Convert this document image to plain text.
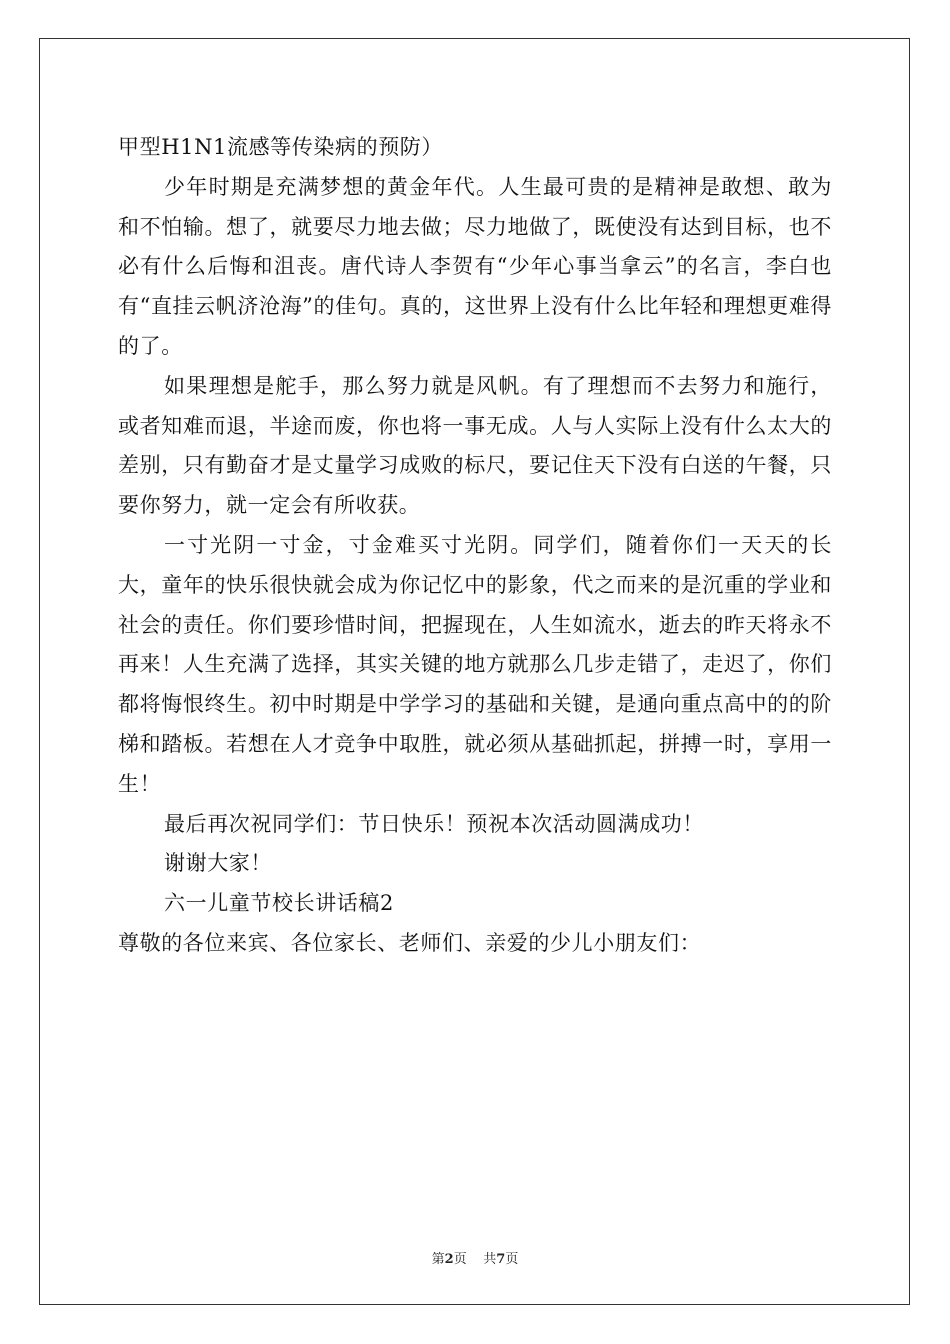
甲型H1N1流感等传染病的预防）

少年时期是充满梦想的黄金年代。人生最可贵的是精神是敢想、敢为和不怕输。想了，就要尽力地去做；尽力地做了，既使没有达到目标，也不必有什么后悔和沮丧。唐代诗人李贺有“少年心事当拿云”的名言，李白也有“直挂云帆济沧海”的佳句。真的，这世界上没有什么比年轻和理想更难得的了。

如果理想是舵手，那么努力就是风帆。有了理想而不去努力和施行，或者知难而退，半途而废，你也将一事无成。人与人实际上没有什么太大的差别，只有勤奋才是丈量学习成败的标尺，要记住天下没有白送的午餐，只要你努力，就一定会有所收获。

一寸光阴一寸金，寸金难买寸光阴。同学们，随着你们一天天的长大，童年的快乐很快就会成为你记忆中的影象，代之而来的是沉重的学业和社会的责任。你们要珍惜时间，把握现在，人生如流水，逝去的昨天将永不再来！人生充满了选择，其实关键的地方就那么几步走错了，走迟了，你们都将悔恨终生。初中时期是中学学习的基础和关键，是通向重点高中的的阶梯和踏板。若想在人才竞争中取胜，就必须从基础抓起，拼搏一时，享用一生！

最后再次祝同学们：节日快乐！预祝本次活动圆满成功！

谢谢大家！

六一儿童节校长讲话稿2

尊敬的各位来宾、各位家长、老师们、亲爱的少儿小朋友们：

第2页 共7页
